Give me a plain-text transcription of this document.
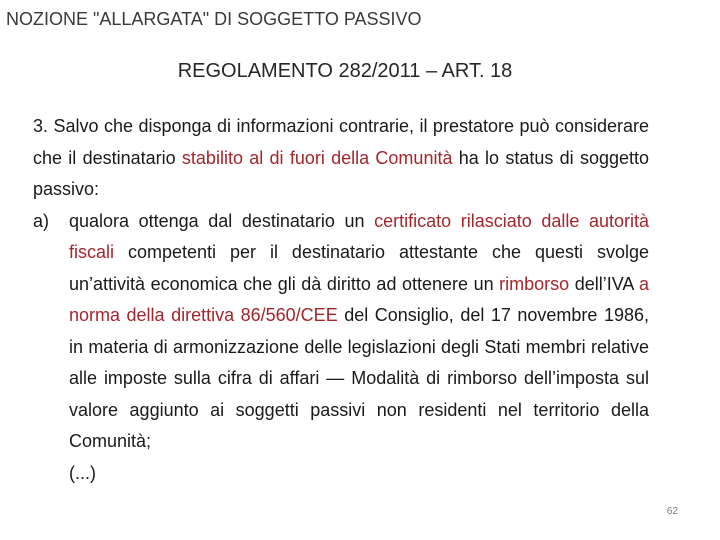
NOZIONE "ALLARGATA" DI SOGGETTO PASSIVO
REGOLAMENTO 282/2011 – ART. 18

3. Salvo che disponga di informazioni contrarie, il prestatore può considerare che il destinatario stabilito al di fuori della Comunità ha lo status di soggetto passivo:

a) qualora ottenga dal destinatario un certificato rilasciato dalle autorità fiscali competenti per il destinatario attestante che questi svolge un’attività economica che gli dà diritto ad ottenere un rimborso dell’IVA a norma della direttiva 86/560/CEE del Consiglio, del 17 novembre 1986, in materia di armonizzazione delle legislazioni degli Stati membri relative alle imposte sulla cifra di affari — Modalità di rimborso dell’imposta sul valore aggiunto ai soggetti passivi non residenti nel territorio della Comunità;

(...)

62
